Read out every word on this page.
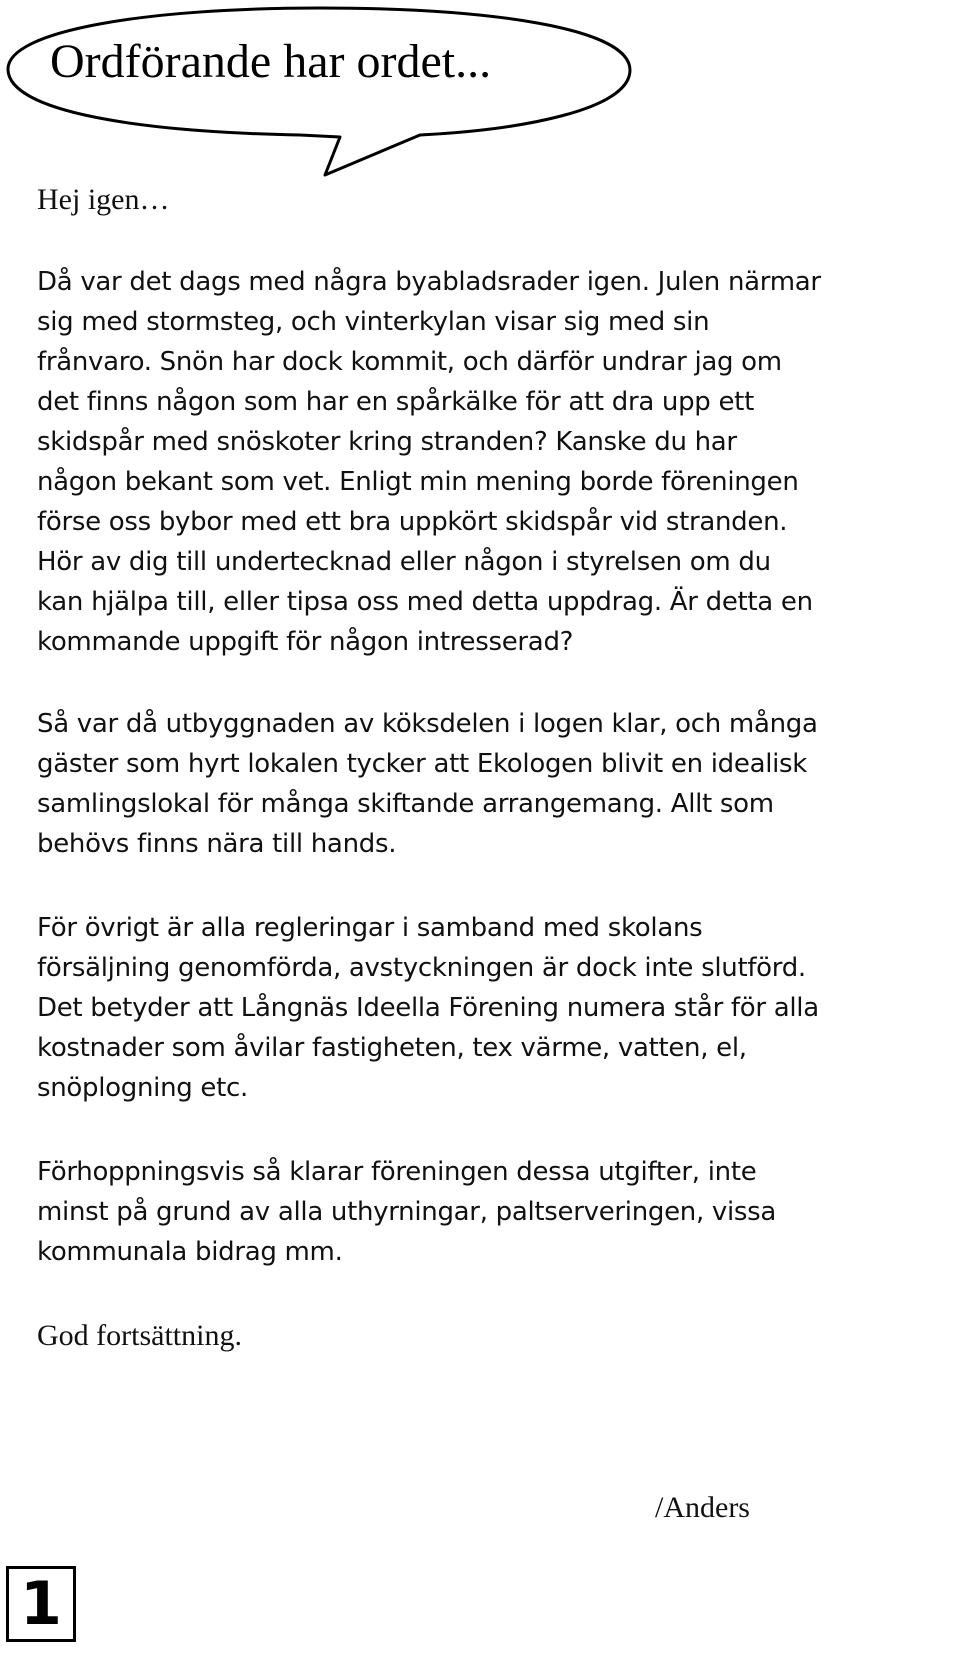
Ordförande har ordet...

Hej igen…

Då var det dags med några byabladsrader igen. Julen närmar
sig med stormsteg, och vinterkylan visar sig med sin
frånvaro. Snön har dock kommit, och därför undrar jag om
det finns någon som har en spårkälke för att dra upp ett
skidspår med snöskoter kring stranden? Kanske du har
någon bekant som vet. Enligt min mening borde föreningen
förse oss bybor med ett bra uppkört skidspår vid stranden.
Hör av dig till undertecknad eller någon i styrelsen om du
kan hjälpa till, eller tipsa oss med detta uppdrag. Är detta en
kommande uppgift för någon intresserad?

Så var då utbyggnaden av köksdelen i logen klar, och många
gäster som hyrt lokalen tycker att Ekologen blivit en idealisk
samlingslokal för många skiftande arrangemang. Allt som
behövs finns nära till hands.

För övrigt är alla regleringar i samband med skolans
försäljning genomförda, avstyckningen är dock inte slutförd.
Det betyder att Långnäs Ideella Förening numera står för alla
kostnader som åvilar fastigheten, tex värme, vatten, el,
snöplogning etc.

Förhoppningsvis så klarar föreningen dessa utgifter, inte
minst på grund av alla uthyrningar, paltserveringen, vissa
kommunala bidrag mm.

God fortsättning.

/Anders
1
